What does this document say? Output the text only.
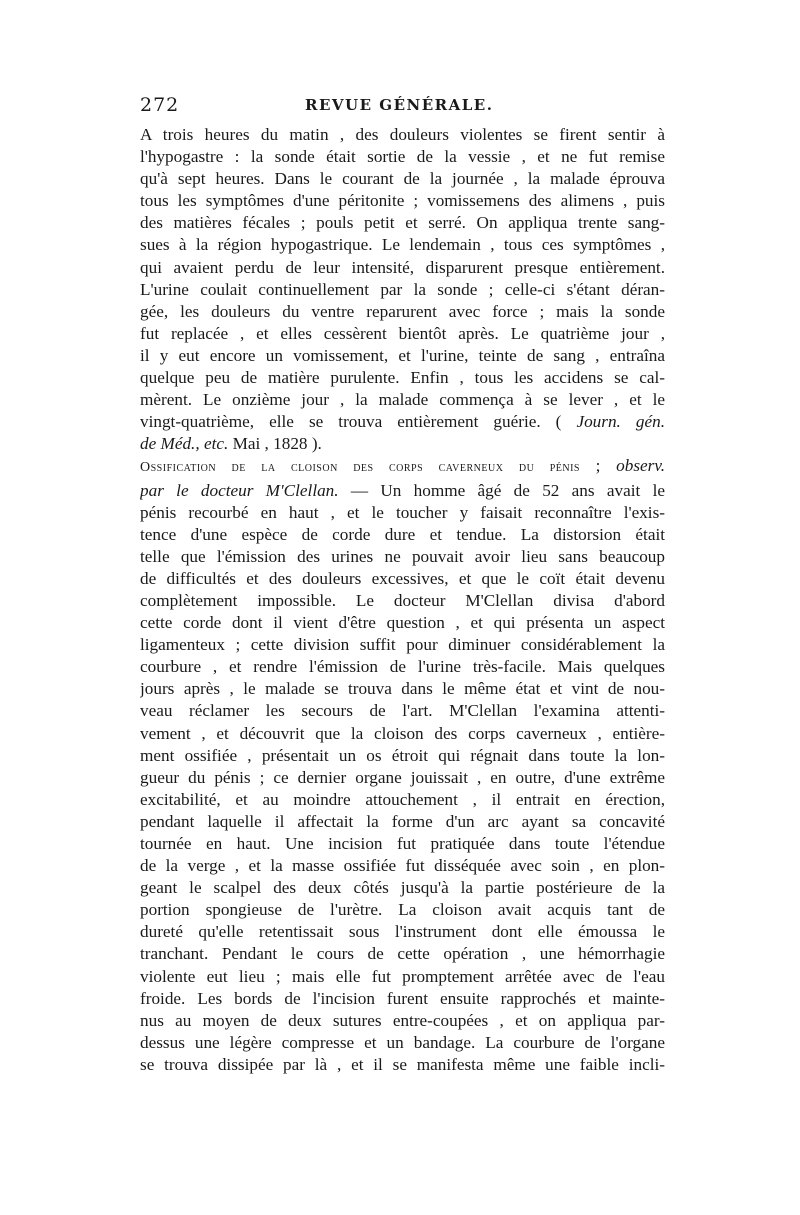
272	REVUE GÉNÉRALE.
A trois heures du matin , des douleurs violentes se firent sentir à
l'hypogastre : la sonde était sortie de la vessie , et ne fut remise
qu'à sept heures. Dans le courant de la journée , la malade éprouva
tous les symptômes d'une péritonite ; vomissemens des alimens , puis
des matières fécales ; pouls petit et serré. On appliqua trente sang-
sues à la région hypogastrique. Le lendemain , tous ces symptômes ,
qui avaient perdu de leur intensité, disparurent presque entièrement.
L'urine coulait continuellement par la sonde ; celle-ci s'étant déran-
gée, les douleurs du ventre reparurent avec force ; mais la sonde
fut replacée , et elles cessèrent bientôt après. Le quatrième jour ,
il y eut encore un vomissement, et l'urine, teinte de sang , entraîna
quelque peu de matière purulente. Enfin , tous les accidens se cal-
mèrent. Le onzième jour , la malade commença à se lever , et le
vingt-quatrième, elle se trouva entièrement guérie. ( Journ. gén.
de Méd., etc. Mai , 1828 ).
Ossification de la cloison des corps caverneux du pénis ; observ.
par le docteur M'Clellan. — Un homme âgé de 52 ans avait le
pénis recourbé en haut , et le toucher y faisait reconnaître l'exis-
tence d'une espèce de corde dure et tendue. La distorsion était
telle que l'émission des urines ne pouvait avoir lieu sans beaucoup
de difficultés et des douleurs excessives, et que le coït était devenu
complètement impossible. Le docteur M'Clellan divisa d'abord
cette corde dont il vient d'être question , et qui présenta un aspect
ligamenteux ; cette division suffit pour diminuer considérablement la
courbure , et rendre l'émission de l'urine très-facile. Mais quelques
jours après , le malade se trouva dans le même état et vint de nou-
veau réclamer les secours de l'art. M'Clellan l'examina attenti-
vement , et découvrit que la cloison des corps caverneux , entière-
ment ossifiée , présentait un os étroit qui régnait dans toute la lon-
gueur du pénis ; ce dernier organe jouissait , en outre, d'une extrême
excitabilité, et au moindre attouchement , il entrait en érection,
pendant laquelle il affectait la forme d'un arc ayant sa concavité
tournée en haut. Une incision fut pratiquée dans toute l'étendue
de la verge , et la masse ossifiée fut disséquée avec soin , en plon-
geant le scalpel des deux côtés jusqu'à la partie postérieure de la
portion spongieuse de l'urètre. La cloison avait acquis tant de
dureté qu'elle retentissait sous l'instrument dont elle émoussa le
tranchant. Pendant le cours de cette opération , une hémorrhagie
violente eut lieu ; mais elle fut promptement arrêtée avec de l'eau
froide. Les bords de l'incision furent ensuite rapprochés et mainte-
nus au moyen de deux sutures entre-coupées , et on appliqua par-
dessus une légère compresse et un bandage. La courbure de l'organe
se trouva dissipée par là , et il se manifesta même une faible incli-
